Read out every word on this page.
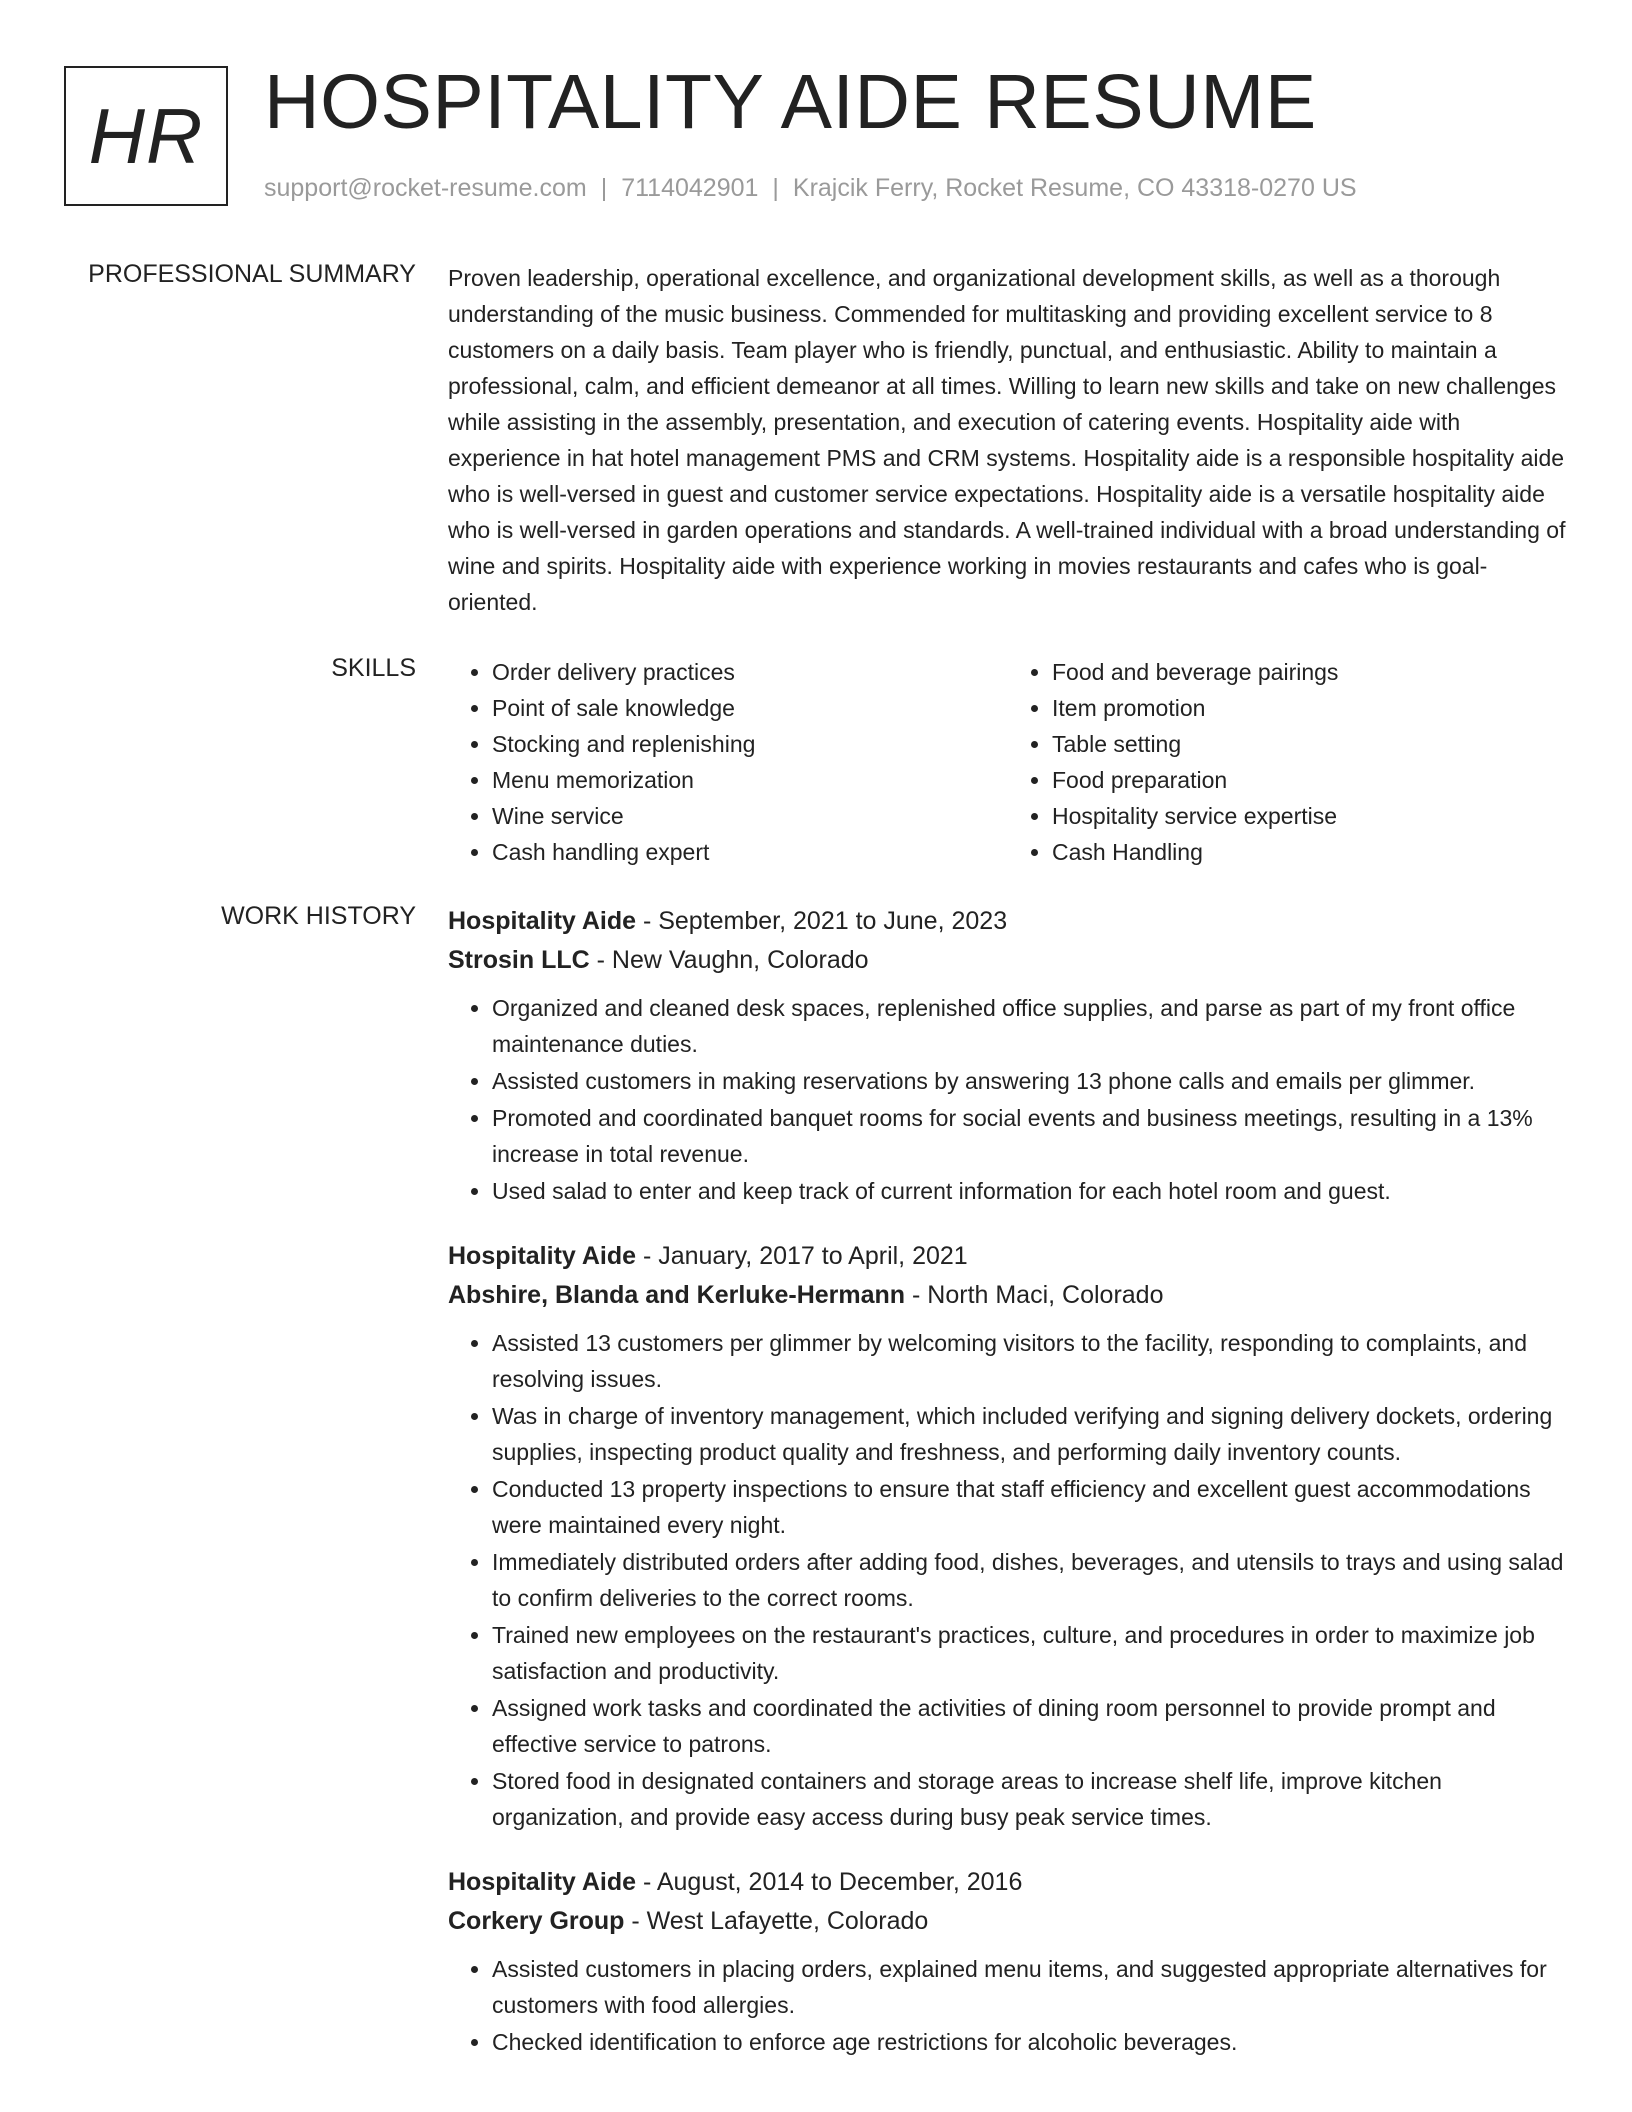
HR HOSPITALITY AIDE RESUME
support@rocket-resume.com | 7114042901 | Krajcik Ferry, Rocket Resume, CO 43318-0270 US
PROFESSIONAL SUMMARY Proven leadership, operational excellence, and organizational development skills, as well as a thorough understanding of the music business. Commended for multitasking and providing excellent service to 8 customers on a daily basis. Team player who is friendly, punctual, and enthusiastic. Ability to maintain a professional, calm, and efficient demeanor at all times. Willing to learn new skills and take on new challenges while assisting in the assembly, presentation, and execution of catering events. Hospitality aide with experience in hat hotel management PMS and CRM systems. Hospitality aide is a responsible hospitality aide who is well-versed in guest and customer service expectations. Hospitality aide is a versatile hospitality aide who is well-versed in garden operations and standards. A well-trained individual with a broad understanding of wine and spirits. Hospitality aide with experience working in movies restaurants and cafes who is goal-oriented.

SKILLS
•	Order delivery practices
• Point of sale knowledge
• Stocking and replenishing
• Menu memorization
• Wine service
• Cash handling expert
• Food and beverage pairings
• Item promotion
• Table setting
• Food preparation
• Hospitality service expertise
• Cash Handling
WORK HISTORY Hospitality Aide - September, 2021 to June, 2023
Strosin LLC - New Vaughn, Colorado
• Organized and cleaned desk spaces, replenished office supplies, and parse as part of my front office maintenance duties.
• Assisted customers in making reservations by answering 13 phone calls and emails per glimmer.
• Promoted and coordinated banquet rooms for social events and business meetings, resulting in a 13% increase in total revenue.
• Used salad to enter and keep track of current information for each hotel room and guest.
Hospitality Aide - January, 2017 to April, 2021
Abshire, Blanda and Kerluke-Hermann - North Maci, Colorado
• Assisted 13 customers per glimmer by welcoming visitors to the facility, responding to complaints, and resolving issues.
• Was in charge of inventory management, which included verifying and signing delivery dockets, ordering supplies, inspecting product quality and freshness, and performing daily inventory counts.
• Conducted 13 property inspections to ensure that staff efficiency and excellent guest accommodations were maintained every night.
• Immediately distributed orders after adding food, dishes, beverages, and utensils to trays and using salad to confirm deliveries to the correct rooms.
• Trained new employees on the restaurant's practices, culture, and procedures in order to maximize job satisfaction and productivity.
• Assigned work tasks and coordinated the activities of dining room personnel to provide prompt and effective service to patrons.
• Stored food in designated containers and storage areas to increase shelf life, improve kitchen organization, and provide easy access during busy peak service times.
Hospitality Aide - August, 2014 to December, 2016
Corkery Group - West Lafayette, Colorado
• Assisted customers in placing orders, explained menu items, and suggested appropriate alternatives for customers with food allergies.
• Checked identification to enforce age restrictions for alcoholic beverages.
